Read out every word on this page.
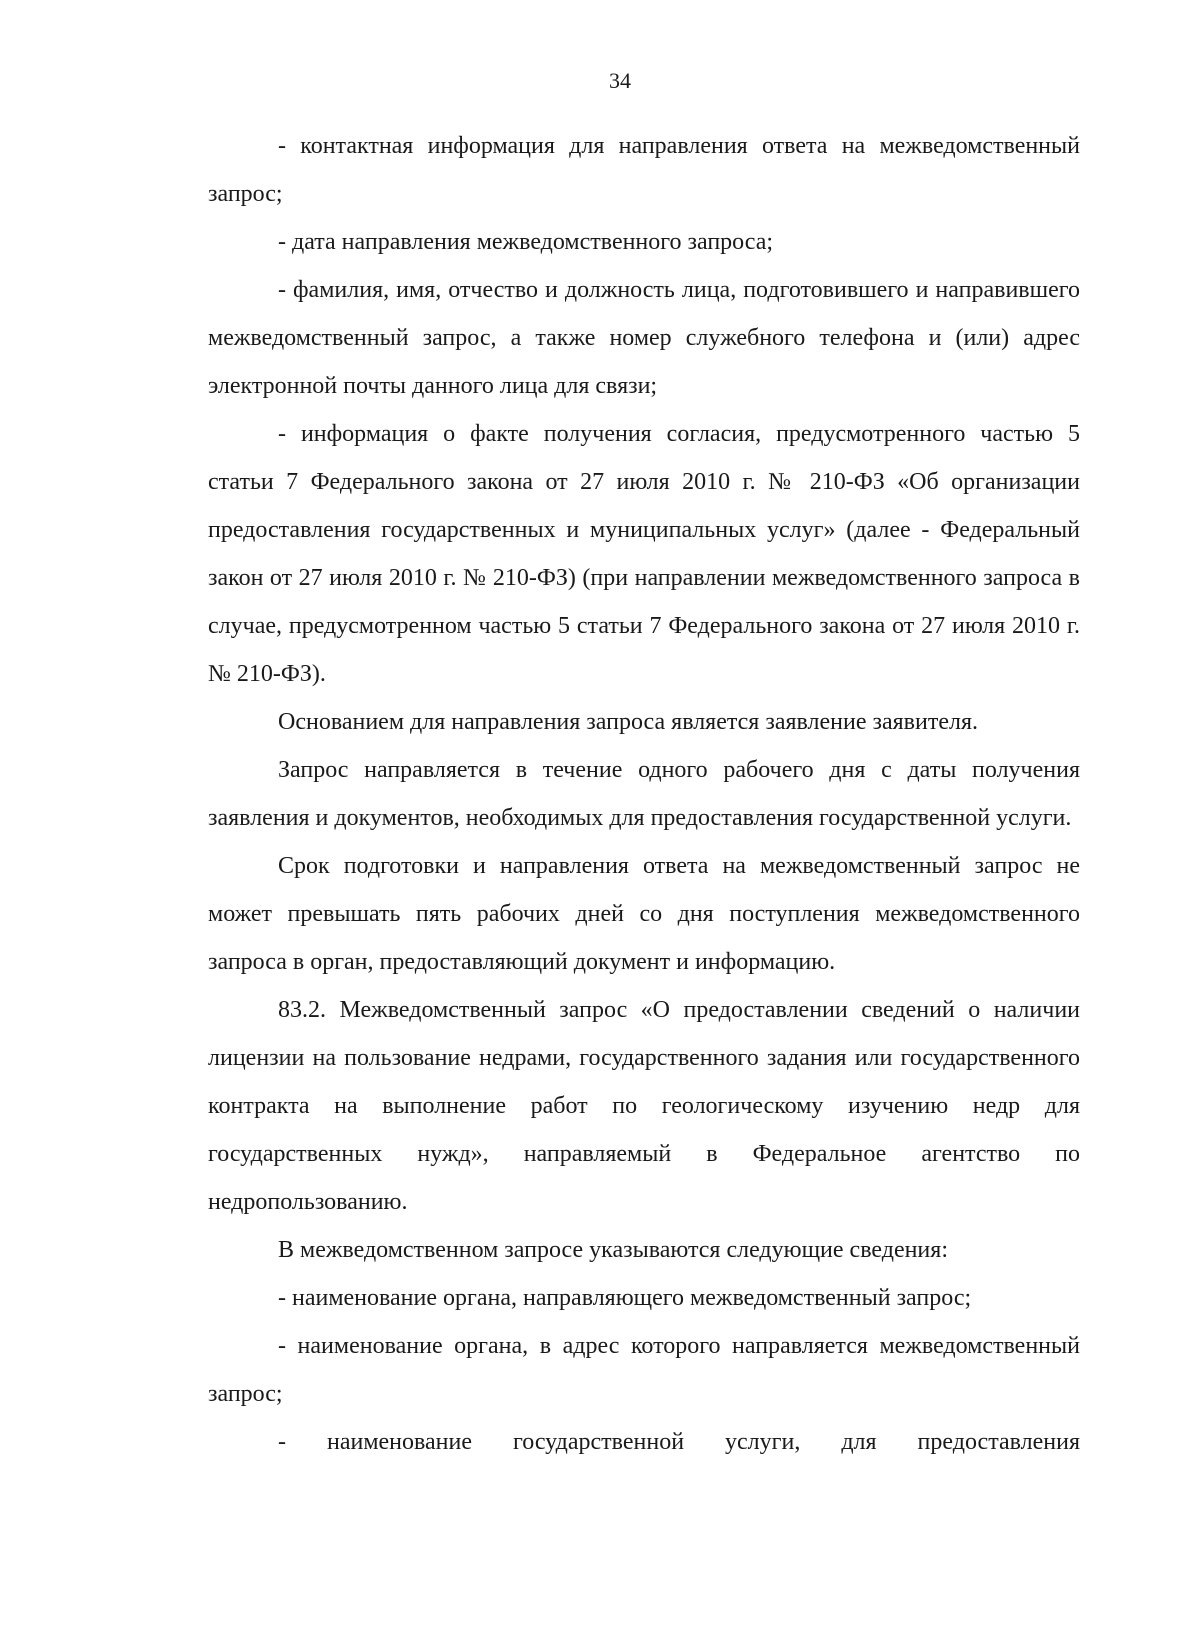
34

- контактная информация для направления ответа на межведомственный запрос;

- дата направления межведомственного запроса;

- фамилия, имя, отчество и должность лица, подготовившего и направившего межведомственный запрос, а также номер служебного телефона и (или) адрес электронной почты данного лица для связи;

- информация о факте получения согласия, предусмотренного частью 5 статьи 7 Федерального закона от 27 июля 2010 г. № 210-ФЗ «Об организации предоставления государственных и муниципальных услуг» (далее - Федеральный закон от 27 июля 2010 г. № 210-ФЗ) (при направлении межведомственного запроса в случае, предусмотренном частью 5 статьи 7 Федерального закона от 27 июля 2010 г. № 210-ФЗ).

Основанием для направления запроса является заявление заявителя.

Запрос направляется в течение одного рабочего дня с даты получения заявления и документов, необходимых для предоставления государственной услуги.

Срок подготовки и направления ответа на межведомственный запрос не может превышать пять рабочих дней со дня поступления межведомственного запроса в орган, предоставляющий документ и информацию.

83.2. Межведомственный запрос «О предоставлении сведений о наличии лицензии на пользование недрами, государственного задания или государственного контракта на выполнение работ по геологическому изучению недр для государственных нужд», направляемый в Федеральное агентство по недропользованию.

В межведомственном запросе указываются следующие сведения:

- наименование органа, направляющего межведомственный запрос;

- наименование органа, в адрес которого направляется межведомственный запрос;

- наименование государственной услуги, для предоставления
